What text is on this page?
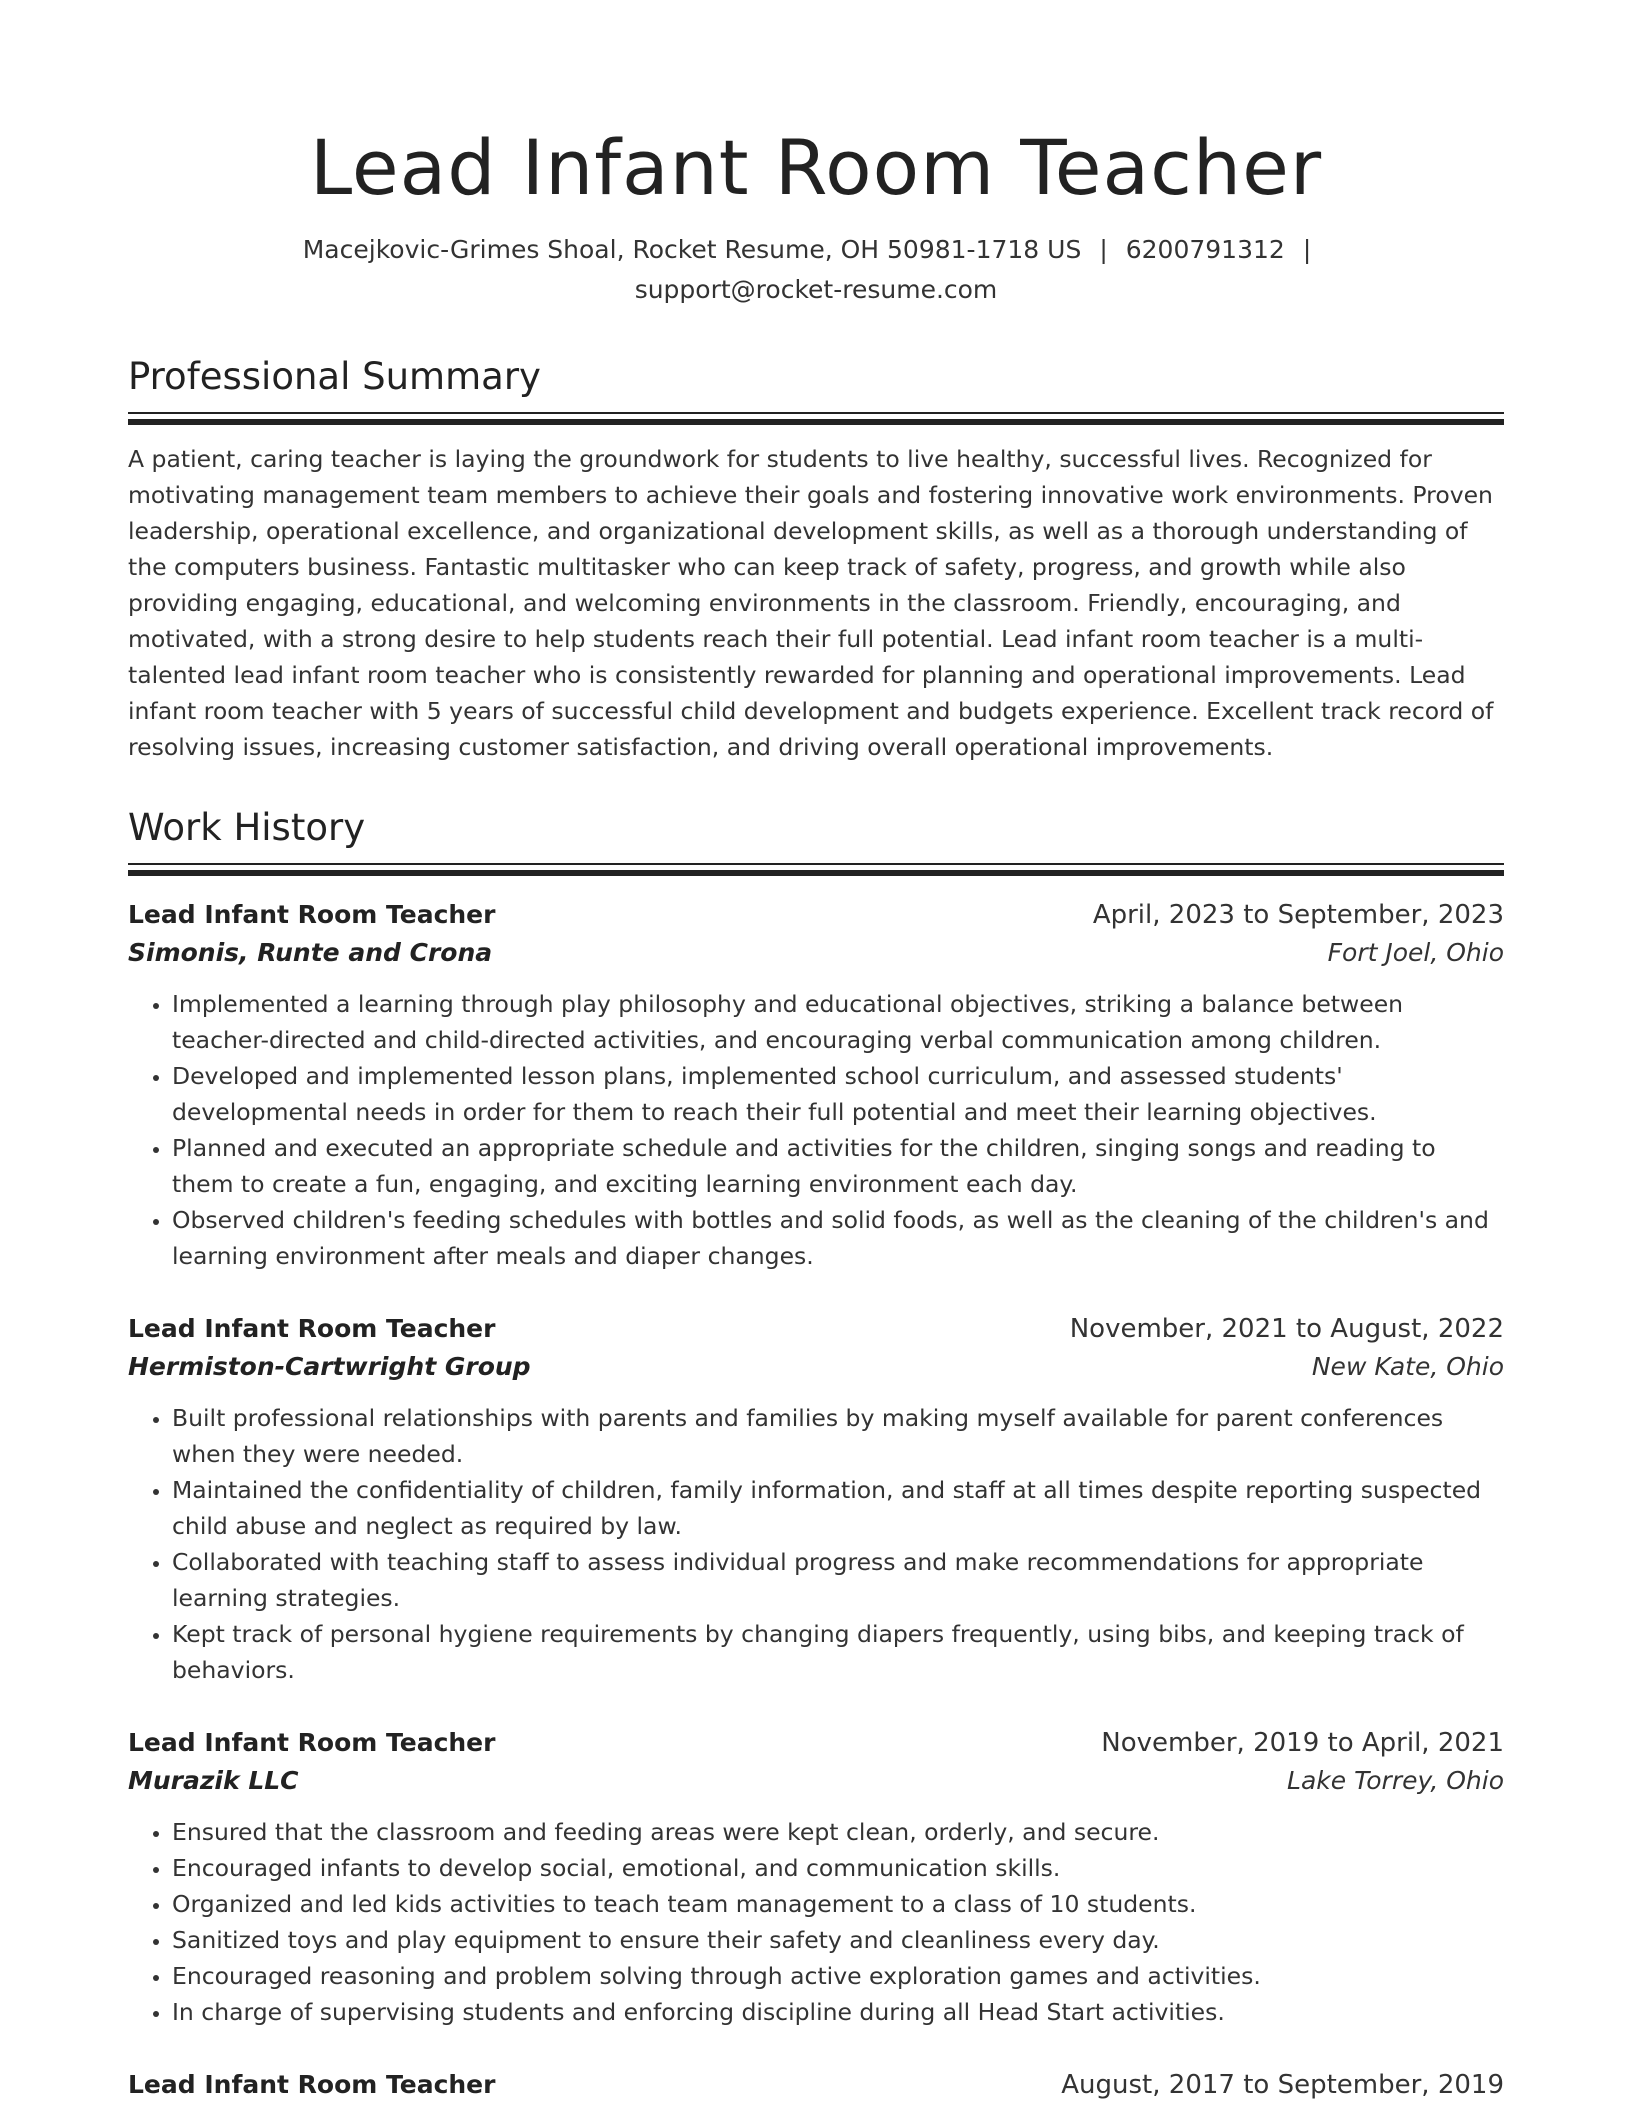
Lead Infant Room Teacher
Macejkovic-Grimes Shoal, Rocket Resume, OH 50981-1718 US | 6200791312 |
support@rocket-resume.com
Professional Summary

A patient, caring teacher is laying the groundwork for students to live healthy, successful lives. Recognized for motivating management team members to achieve their goals and fostering innovative work environments. Proven leadership, operational excellence, and organizational development skills, as well as a thorough understanding of the computers business. Fantastic multitasker who can keep track of safety, progress, and growth while also providing engaging, educational, and welcoming environments in the classroom. Friendly, encouraging, and motivated, with a strong desire to help students reach their full potential. Lead infant room teacher is a multi-talented lead infant room teacher who is consistently rewarded for planning and operational improvements. Lead infant room teacher with 5 years of successful child development and budgets experience. Excellent track record of resolving issues, increasing customer satisfaction, and driving overall operational improvements.

Work History
Lead Infant Room Teacher	April, 2023 to September, 2023
Simonis, Runte and Crona	Fort Joel, Ohio
• Implemented a learning through play philosophy and educational objectives, striking a balance between teacher-directed and child-directed activities, and encouraging verbal communication among children.
• Developed and implemented lesson plans, implemented school curriculum, and assessed students' developmental needs in order for them to reach their full potential and meet their learning objectives.
• Planned and executed an appropriate schedule and activities for the children, singing songs and reading to them to create a fun, engaging, and exciting learning environment each day.
• Observed children's feeding schedules with bottles and solid foods, as well as the cleaning of the children's and learning environment after meals and diaper changes.
Lead Infant Room Teacher	November, 2021 to August, 2022
Hermiston-Cartwright Group	New Kate, Ohio
• Built professional relationships with parents and families by making myself available for parent conferences when they were needed.
• Maintained the confidentiality of children, family information, and staff at all times despite reporting suspected child abuse and neglect as required by law.
• Collaborated with teaching staff to assess individual progress and make recommendations for appropriate learning strategies.
• Kept track of personal hygiene requirements by changing diapers frequently, using bibs, and keeping track of behaviors.
Lead Infant Room Teacher	November, 2019 to April, 2021
Murazik LLC	Lake Torrey, Ohio
• Ensured that the classroom and feeding areas were kept clean, orderly, and secure.
• Encouraged infants to develop social, emotional, and communication skills.
• Organized and led kids activities to teach team management to a class of 10 students.
• Sanitized toys and play equipment to ensure their safety and cleanliness every day.
• Encouraged reasoning and problem solving through active exploration games and activities.
• In charge of supervising students and enforcing discipline during all Head Start activities.
Lead Infant Room Teacher	August, 2017 to September, 2019
